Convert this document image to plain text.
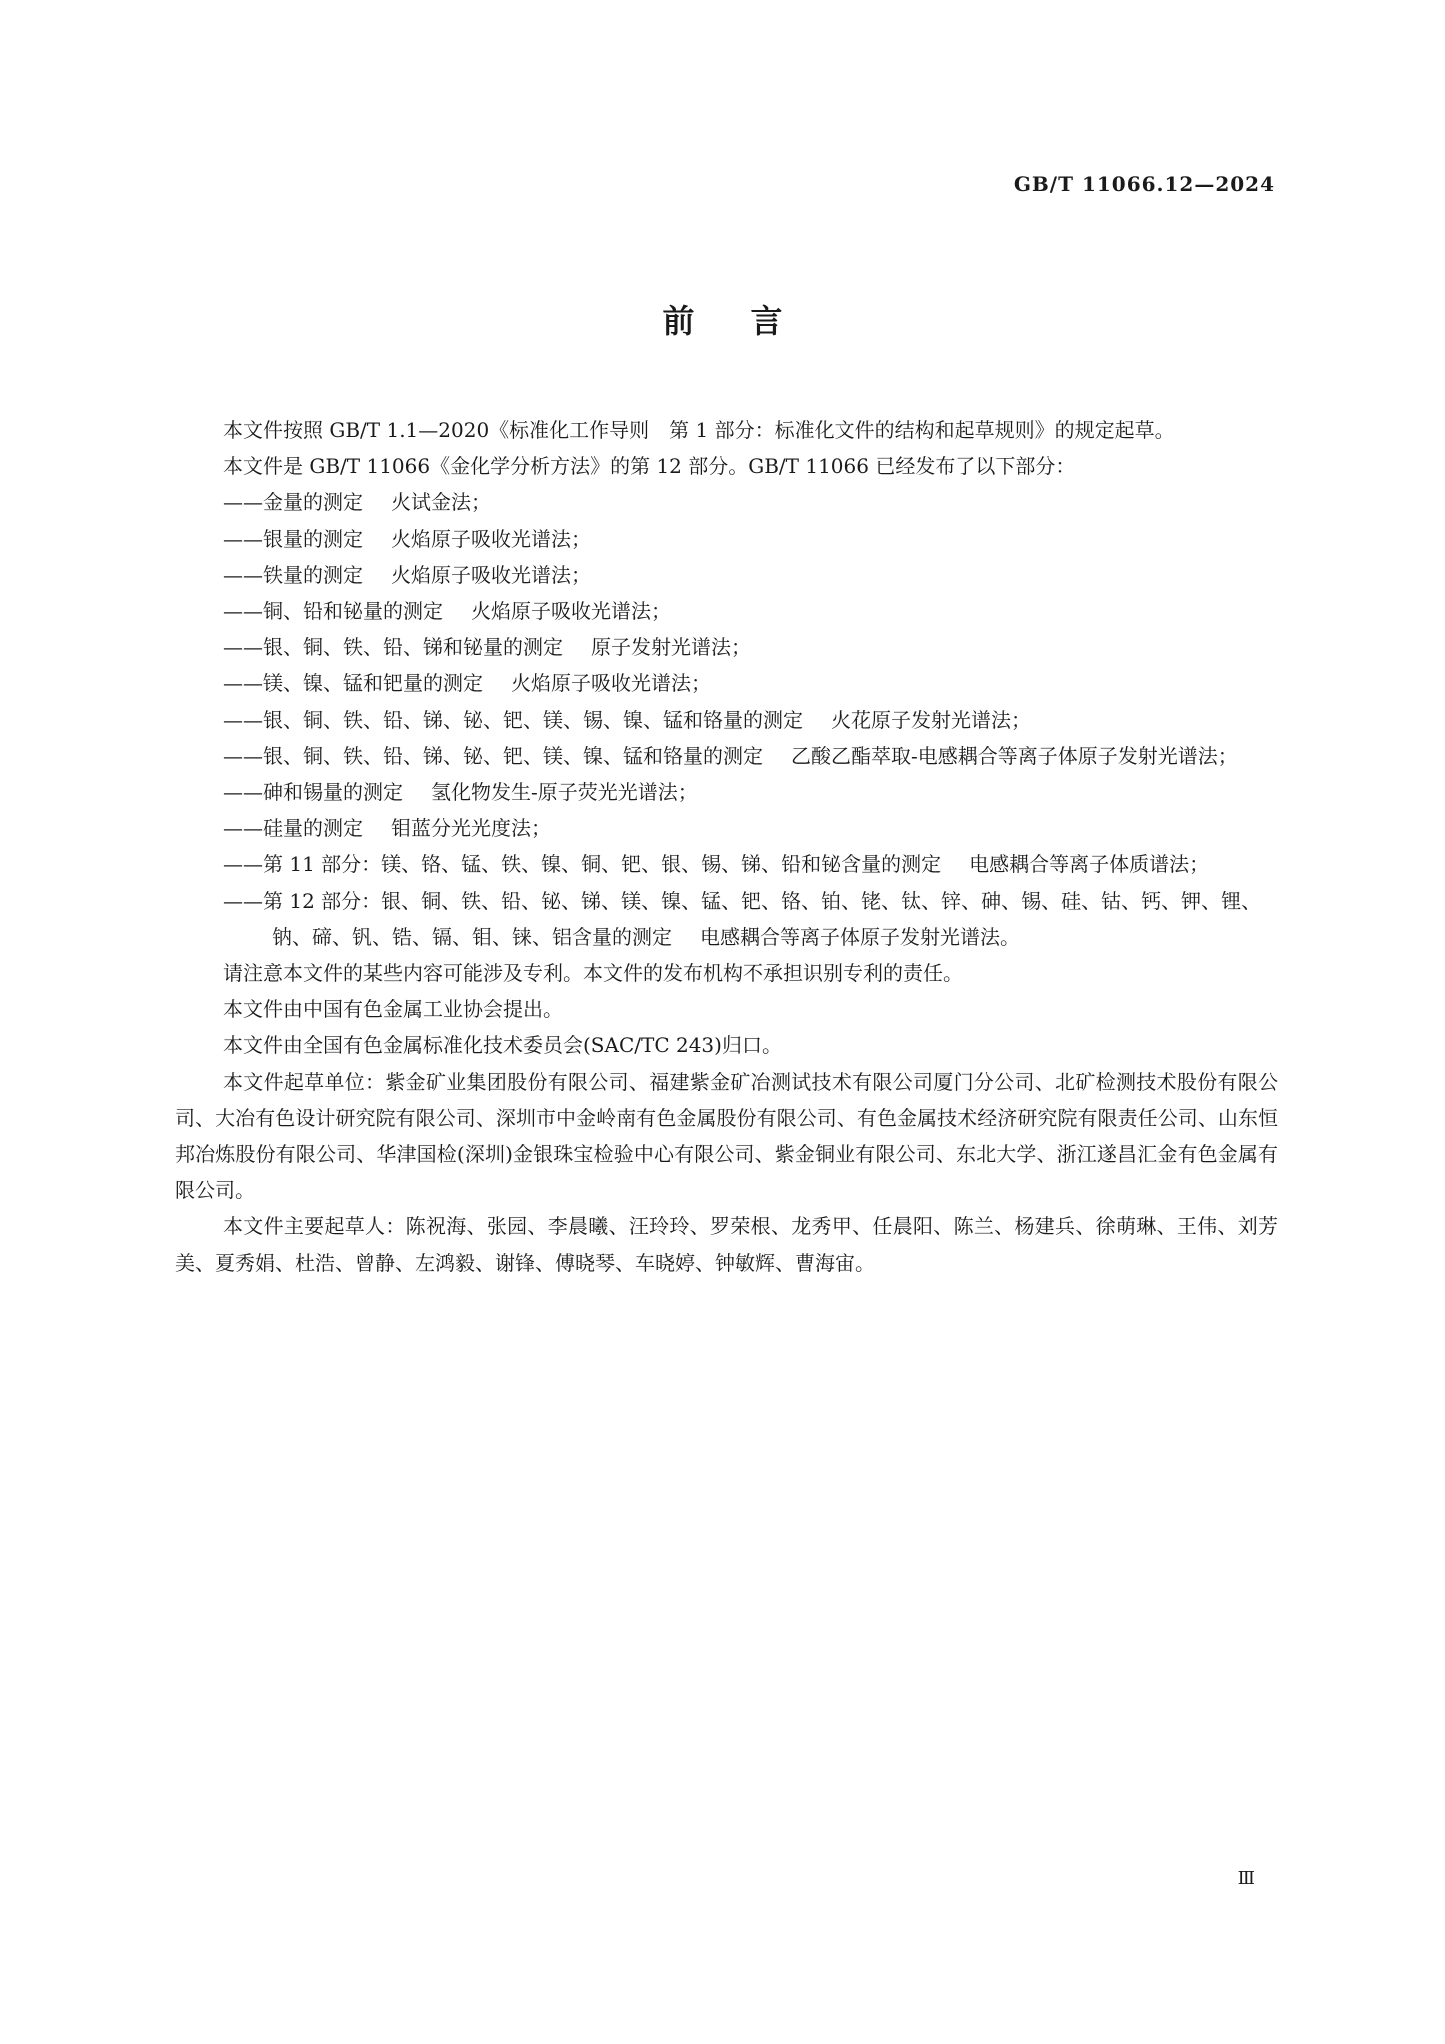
GB/T 11066.12—2024
前言

本文件按照 GB/T 1.1—2020《标准化工作导则　第 1 部分：标准化文件的结构和起草规则》的规定起草。

本文件是 GB/T 11066《金化学分析方法》的第 12 部分。GB/T 11066 已经发布了以下部分：

——金量的测定 火试金法；

——银量的测定 火焰原子吸收光谱法；

——铁量的测定 火焰原子吸收光谱法；

——铜、铅和铋量的测定 火焰原子吸收光谱法；

——银、铜、铁、铅、锑和铋量的测定 原子发射光谱法；

——镁、镍、锰和钯量的测定 火焰原子吸收光谱法；

——银、铜、铁、铅、锑、铋、钯、镁、锡、镍、锰和铬量的测定 火花原子发射光谱法；

——银、铜、铁、铅、锑、铋、钯、镁、镍、锰和铬量的测定 乙酸乙酯萃取-电感耦合等离子体原子发射光谱法；

——砷和锡量的测定 氢化物发生-原子荧光光谱法；

——硅量的测定 钼蓝分光光度法；

——第 11 部分：镁、铬、锰、铁、镍、铜、钯、银、锡、锑、铅和铋含量的测定 电感耦合等离子体质谱法；

——第 12 部分：银、铜、铁、铅、铋、锑、镁、镍、锰、钯、铬、铂、铑、钛、锌、砷、锡、硅、钴、钙、钾、锂、钠、碲、钒、锆、镉、钼、铼、铝含量的测定 电感耦合等离子体原子发射光谱法。

请注意本文件的某些内容可能涉及专利。本文件的发布机构不承担识别专利的责任。

本文件由中国有色金属工业协会提出。

本文件由全国有色金属标准化技术委员会(SAC/TC 243)归口。

本文件起草单位：紫金矿业集团股份有限公司、福建紫金矿冶测试技术有限公司厦门分公司、北矿检测技术股份有限公司、大冶有色设计研究院有限公司、深圳市中金岭南有色金属股份有限公司、有色金属技术经济研究院有限责任公司、山东恒邦冶炼股份有限公司、华津国检(深圳)金银珠宝检验中心有限公司、紫金铜业有限公司、东北大学、浙江遂昌汇金有色金属有限公司。

本文件主要起草人：陈祝海、张园、李晨曦、汪玲玲、罗荣根、龙秀甲、任晨阳、陈兰、杨建兵、徐萌琳、王伟、刘芳美、夏秀娟、杜浩、曾静、左鸿毅、谢锋、傅晓琴、车晓婷、钟敏辉、曹海宙。

Ⅲ
